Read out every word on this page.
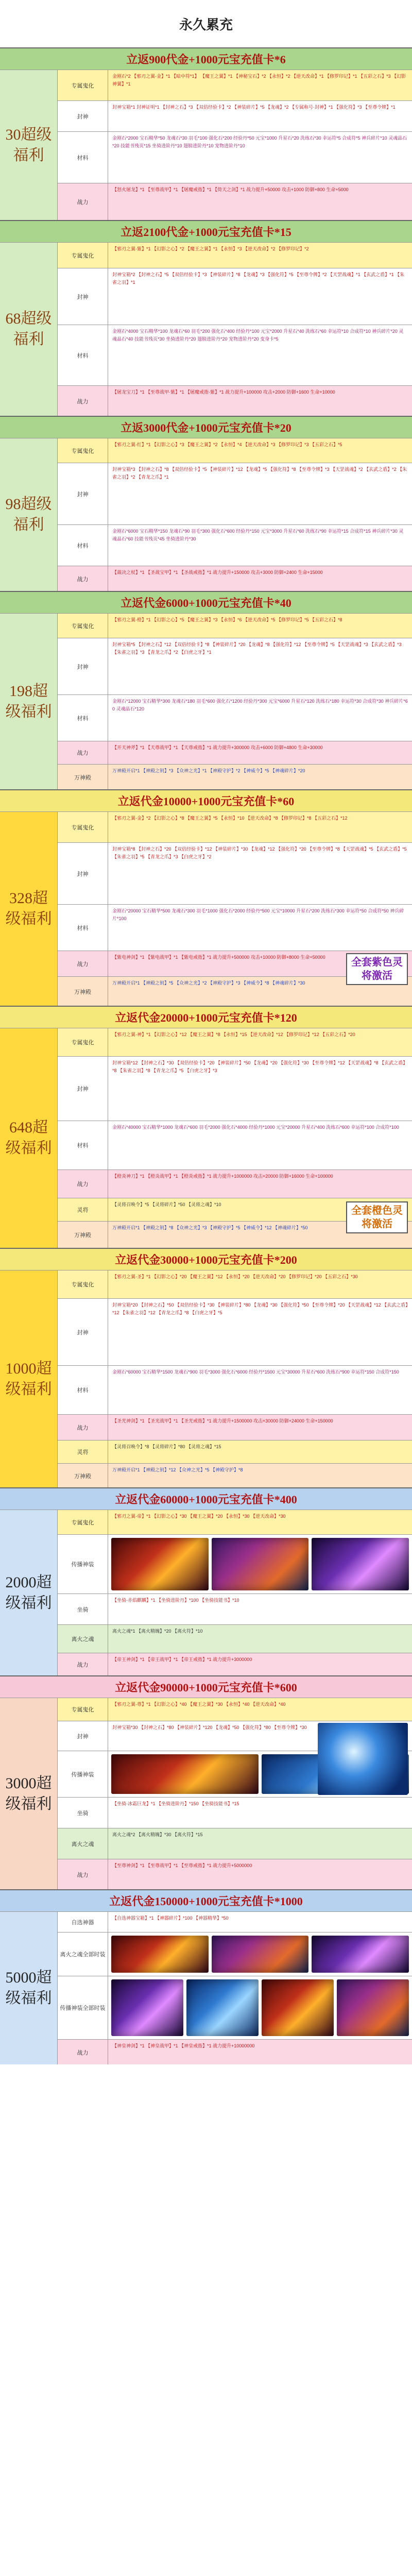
永久累充
立返900代金+1000元宝充值卡*6
30超级福利
专属鬼化
金刚石*2 【邪刃之翼·金】*1 【暗中符*1】 【魔王之翼】*1 【神秘宝石】*2 【永恒】*2 【逆天改命】*1 【修罗印记】*1 【五彩之石】*3 【幻影神翼】*1
封神
封神宝箱*1 封神证明*1 【封神之石】*3 【双倍经验卡】*2 【神装碎片】*5 【龙魂】*2 【专属称号·封神】*1 【强化符】*3 【至尊令牌】*1
材料
金刚石*2000 宝石精华*50 龙魂石*30 羽毛*100 强化石*200 经验丹*50 元宝*1000 升星石*20 洗练石*30 幸运符*5 合成符*5 神兵碎片*10 灵魂晶石*20 技能书残页*15 坐骑进阶丹*10 翅膀进阶丹*10 宠物进阶丹*10
战力
【怒火屠龙】*1 【至尊战甲】*1 【屠魔戒指】*1 【倚天之剑】*1 战力提升+50000 攻击+1000 防御+800 生命+5000
立返2100代金+1000元宝充值卡*15
68超级福利
专属鬼化
【邪刃之翼·紫】*1 【幻影之心】*2 【魔王之翼】*1 【永恒】*3 【逆天改命】*2 【修罗印记】*2
封神
封神宝箱*2 【封神之石】*5 【双倍经验卡】*3 【神装碎片】*8 【龙魂】*3 【强化符】*5 【至尊令牌】*2 【天罡战魂】*1 【玄武之盾】*1 【朱雀之羽】*1
材料
金刚石*4000 宝石精华*100 龙魂石*60 羽毛*200 强化石*400 经验丹*100 元宝*2000 升星石*40 洗练石*60 幸运符*10 合成符*10 神兵碎片*20 灵魂晶石*40 技能书残页*30 坐骑进阶丹*20 翅膀进阶丹*20 宠物进阶丹*20 变身卡*5
战力
【屠龙宝刀】*1 【至尊战甲·紫】*1 【屠魔戒指·紫】*1 战力提升+100000 攻击+2000 防御+1600 生命+10000
立返3000代金+1000元宝充值卡*20
98超级福利
专属鬼化
【邪刃之翼·红】*1 【幻影之心】*3 【魔王之翼】*2 【永恒】*4 【逆天改命】*3 【修罗印记】*3 【五彩之石】*5
封神
封神宝箱*3 【封神之石】*8 【双倍经验卡】*5 【神装碎片】*12 【龙魂】*5 【强化符】*8 【至尊令牌】*3 【天罡战魂】*2 【玄武之盾】*2 【朱雀之羽】*2 【青龙之爪】*1
材料
金刚石*6000 宝石精华*150 龙魂石*90 羽毛*300 强化石*600 经验丹*150 元宝*3000 升星石*60 洗练石*90 幸运符*15 合成符*15 神兵碎片*30 灵魂晶石*60 技能书残页*45 坐骑进阶丹*30
战力
【裁决之杖】*1 【圣战宝甲】*1 【圣战戒指】*1 战力提升+150000 攻击+3000 防御+2400 生命+15000
立返代金6000+1000元宝充值卡*40
198超级福利
专属鬼化
【邪刃之翼·橙】*1 【幻影之心】*5 【魔王之翼】*3 【永恒】*6 【逆天改命】*5 【修罗印记】*5 【五彩之石】*8
封神
封神宝箱*5 【封神之石】*12 【双倍经验卡】*8 【神装碎片】*20 【龙魂】*8 【强化符】*12 【至尊令牌】*5 【天罡战魂】*3 【玄武之盾】*3 【朱雀之羽】*3 【青龙之爪】*2 【白虎之牙】*1
材料
金刚石*12000 宝石精华*300 龙魂石*180 羽毛*600 强化石*1200 经验丹*300 元宝*6000 升星石*120 洗练石*180 幸运符*30 合成符*30 神兵碎片*60 灵魂晶石*120
战力
【开天神斧】*1 【天尊战甲】*1 【天尊戒指】*1 战力提升+300000 攻击+6000 防御+4800 生命+30000
万神殿
万神殿开启*1 【神殿之钥】*3 【众神之光】*1 【神殿守护】*2 【神威令】*5 【神魂碎片】*20
立返代金10000+1000元宝充值卡*60
328超级福利
专属鬼化
【邪刃之翼·金】*2 【幻影之心】*8 【魔王之翼】*5 【永恒】*10 【逆天改命】*8 【修罗印记】*8 【五彩之石】*12
封神
封神宝箱*8 【封神之石】*20 【双倍经验卡】*12 【神装碎片】*30 【龙魂】*12 【强化符】*20 【至尊令牌】*8 【天罡战魂】*5 【玄武之盾】*5 【朱雀之羽】*5 【青龙之爪】*3 【白虎之牙】*2
材料
金刚石*20000 宝石精华*500 龙魂石*300 羽毛*1000 强化石*2000 经验丹*500 元宝*10000 升星石*200 洗练石*300 幸运符*50 合成符*50 神兵碎片*100
战力
【紫电神剑】*1 【紫电战甲】*1 【紫电戒指】*1 战力提升+500000 攻击+10000 防御+8000 生命+50000
万神殿
万神殿开启*1 【神殿之钥】*5 【众神之光】*2 【神殿守护】*3 【神威令】*8 【神魂碎片】*30
全套紫色灵将激活
立返代金20000+1000元宝充值卡*120
648超级福利
专属鬼化
【邪刃之翼·神】*1 【幻影之心】*12 【魔王之翼】*8 【永恒】*15 【逆天改命】*12 【修罗印记】*12 【五彩之石】*20
封神
封神宝箱*12 【封神之石】*30 【双倍经验卡】*20 【神装碎片】*50 【龙魂】*20 【强化符】*30 【至尊令牌】*12 【天罡战魂】*8 【玄武之盾】*8 【朱雀之羽】*8 【青龙之爪】*5 【白虎之牙】*3
材料
金刚石*40000 宝石精华*1000 龙魂石*600 羽毛*2000 强化石*4000 经验丹*1000 元宝*20000 升星石*400 洗练石*600 幸运符*100 合成符*100
战力
【橙炎神刀】*1 【橙炎战甲】*1 【橙炎戒指】*1 战力提升+1000000 攻击+20000 防御+16000 生命+100000
灵将
【灵将召唤令】*5 【灵将碎片】*50 【灵将之魂】*10
万神殿
万神殿开启*1 【神殿之钥】*8 【众神之光】*3 【神殿守护】*5 【神威令】*12 【神魂碎片】*50
全套橙色灵将激活
立返代金30000+1000元宝充值卡*200
1000超级福利
专属鬼化
【邪刃之翼·圣】*1 【幻影之心】*20 【魔王之翼】*12 【永恒】*20 【逆天改命】*20 【修罗印记】*20 【五彩之石】*30
封神
封神宝箱*20 【封神之石】*50 【双倍经验卡】*30 【神装碎片】*80 【龙魂】*30 【强化符】*50 【至尊令牌】*20 【天罡战魂】*12 【玄武之盾】*12 【朱雀之羽】*12 【青龙之爪】*8 【白虎之牙】*5
材料
金刚石*60000 宝石精华*1500 龙魂石*900 羽毛*3000 强化石*6000 经验丹*1500 元宝*30000 升星石*600 洗练石*900 幸运符*150 合成符*150
战力
【圣光神剑】*1 【圣光战甲】*1 【圣光戒指】*1 战力提升+1500000 攻击+30000 防御+24000 生命+150000
灵将
【灵将召唤令】*8 【灵将碎片】*80 【灵将之魂】*15
万神殿
万神殿开启*1 【神殿之钥】*12 【众神之光】*5 【神殿守护】*8
立返代金60000+1000元宝充值卡*400
2000超级福利
专属鬼化
【邪刃之翼·帝】*1 【幻影之心】*30 【魔王之翼】*20 【永恒】*30 【逆天改命】*30
传播神装
坐骑
【坐骑·赤焰麒麟】*1 【坐骑进阶丹】*100 【坐骑技能书】*10
离火之魂
离火之魂*1 【离火精魄】*20 【离火符】*10
战力
【帝王神剑】*1 【帝王战甲】*1 【帝王戒指】*1 战力提升+3000000
立返代金90000+1000元宝充值卡*600
3000超级福利
专属鬼化
【邪刃之翼·尊】*1 【幻影之心】*40 【魔王之翼】*30 【永恒】*40 【逆天改命】*40
封神
封神宝箱*30 【封神之石】*80 【神装碎片】*120 【龙魂】*50 【强化符】*80 【至尊令牌】*30
传播神装
坐骑
【坐骑·冰霜巨龙】*1 【坐骑进阶丹】*150 【坐骑技能书】*15
离火之魂
离火之魂*2 【离火精魄】*30 【离火符】*15
战力
【至尊神剑】*1 【至尊战甲】*1 【至尊戒指】*1 战力提升+5000000
立返代金150000+1000元宝充值卡*1000
5000超级福利
自选神器
【自选神器宝箱】*1 【神器碎片】*100 【神器精华】*50
离火之魂全部时装
传播神装全部时装
战力
【神皇神剑】*1 【神皇战甲】*1 【神皇戒指】*1 战力提升+10000000
